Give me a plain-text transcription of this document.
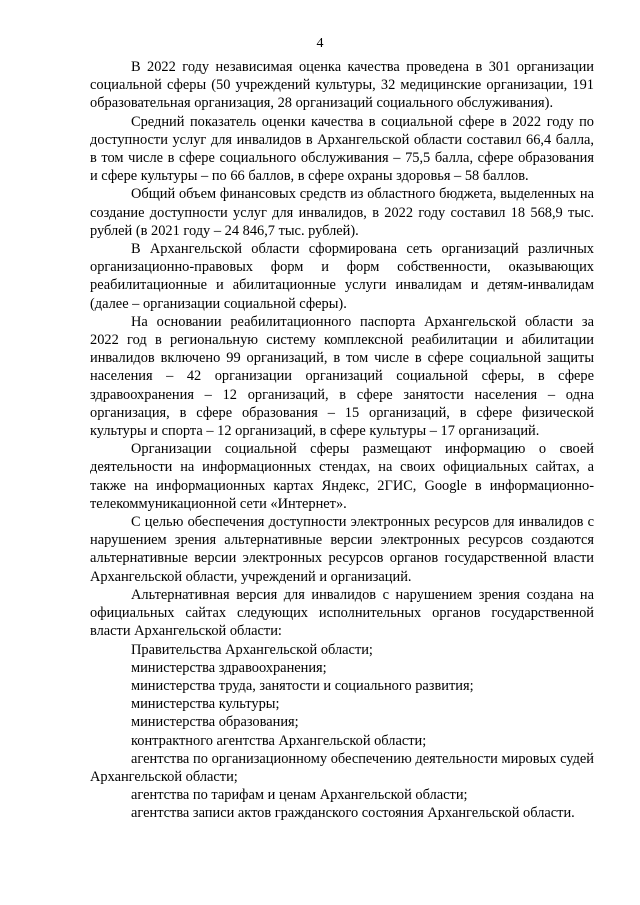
4

В 2022 году независимая оценка качества проведена в 301 организации социальной сферы (50 учреждений культуры, 32 медицинские организации, 191 образовательная организация, 28 организаций социального обслуживания).

Средний показатель оценки качества в социальной сфере в 2022 году по доступности услуг для инвалидов в Архангельской области составил 66,4 балла, в том числе в сфере социального обслуживания – 75,5 балла, сфере образования и сфере культуры – по 66 баллов, в сфере охраны здоровья – 58 баллов.

Общий объем финансовых средств из областного бюджета, выделенных на создание доступности услуг для инвалидов, в 2022 году составил 18 568,9 тыс. рублей (в 2021 году – 24 846,7 тыс. рублей).

В Архангельской области сформирована сеть организаций различных организационно-правовых форм и форм собственности, оказывающих реабилитационные и абилитационные услуги инвалидам и детям-инвалидам (далее – организации социальной сферы).

На основании реабилитационного паспорта Архангельской области за 2022 год в региональную систему комплексной реабилитации и абилитации инвалидов включено 99 организаций, в том числе в сфере социальной защиты населения – 42 организации организаций социальной сферы, в сфере здравоохранения – 12 организаций, в сфере занятости населения – одна организация, в сфере образования – 15 организаций, в сфере физической культуры и спорта – 12 организаций, в сфере культуры – 17 организаций.

Организации социальной сферы размещают информацию о своей деятельности на информационных стендах, на своих официальных сайтах, а также на информационных картах Яндекс, 2ГИС, Google в информационно-телекоммуникационной сети «Интернет».

С целью обеспечения доступности электронных ресурсов для инвалидов с нарушением зрения альтернативные версии электронных ресурсов создаются альтернативные версии электронных ресурсов органов государственной власти Архангельской области, учреждений и организаций.

Альтернативная версия для инвалидов с нарушением зрения создана на официальных сайтах следующих исполнительных органов государственной власти Архангельской области:

Правительства Архангельской области;

министерства здравоохранения;

министерства труда, занятости и социального развития;

министерства культуры;

министерства образования;

контрактного агентства Архангельской области;

агентства по организационному обеспечению деятельности мировых судей Архангельской области;

агентства по тарифам и ценам Архангельской области;

агентства записи актов гражданского состояния Архангельской области.
